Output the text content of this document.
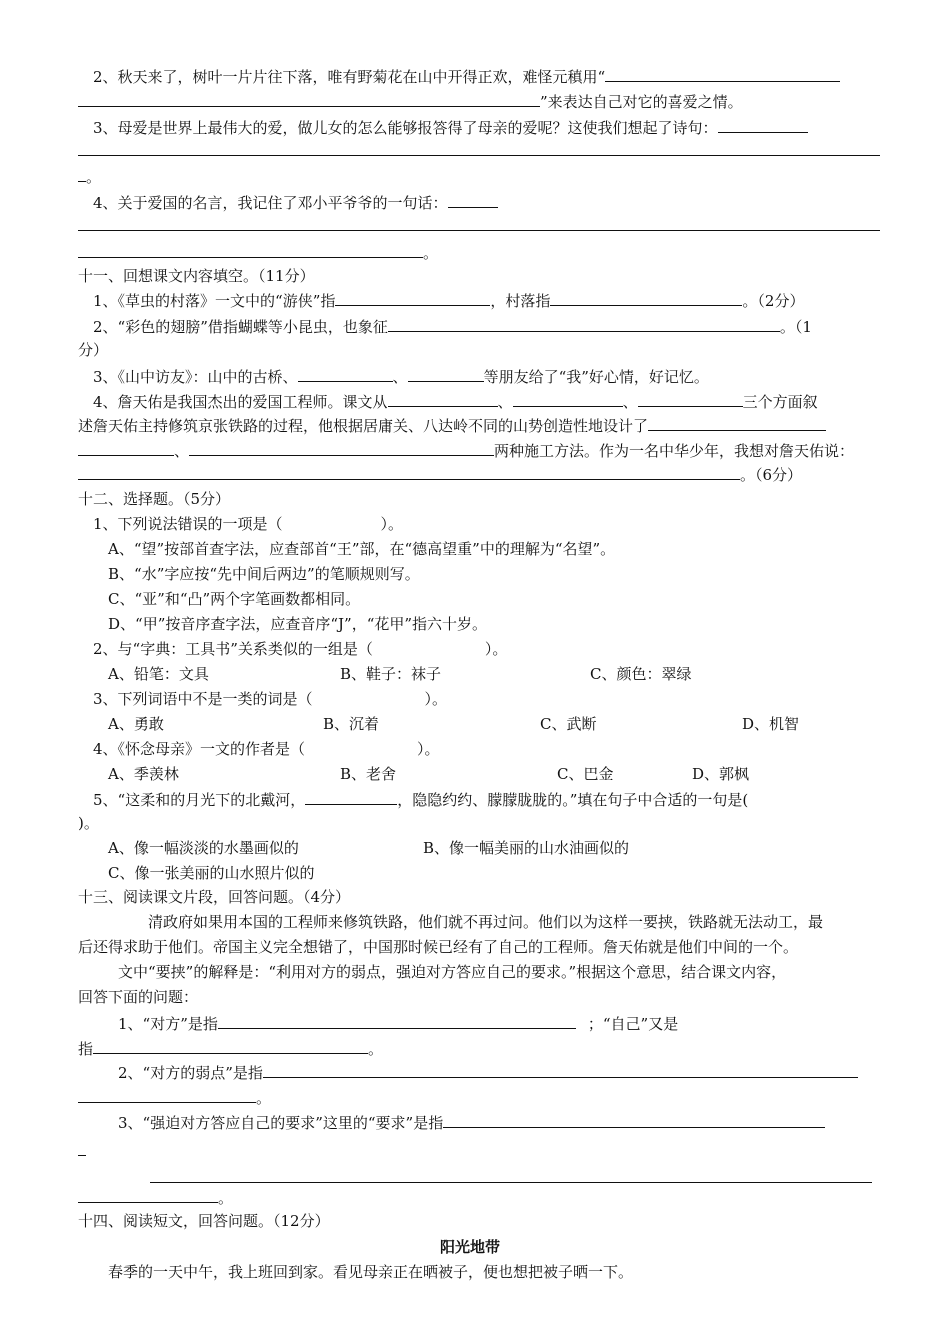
2、秋天来了，树叶一片片往下落，唯有野菊花在山中开得正欢，难怪元稹用“
”来表达自己对它的喜爱之情。
3、母爱是世界上最伟大的爱，做儿女的怎么能够报答得了母亲的爱呢？这使我们想起了诗句：
。
4、关于爱国的名言，我记住了邓小平爷爷的一句话：
。
十一、回想课文内容填空。（11分）
1、《草虫的村落》一文中的“游侠”指	，村落指	。（2分）
2、“彩色的翅膀”借指蝴蝶等小昆虫，也象征	。（1
分）
3、《山中访友》：山中的古桥、	、	等朋友给了“我”好心情，好记忆。
4、詹天佑是我国杰出的爱国工程师。课文从	、	、	三个方面叙
述詹天佑主持修筑京张铁路的过程，他根据居庸关、八达岭不同的山势创造性地设计了
、	两种施工方法。作为一名中华少年，我想对詹天佑说：
。（6分）
十二、选择题。（5分）
1、下列说法错误的一项是（	）。
A、“望”按部首查字法，应查部首“王”部，在“德高望重”中的理解为“名望”。
B、“水”字应按“先中间后两边”的笔顺规则写。
C、“亚”和“凸”两个字笔画数都相同。
D、“甲”按音序查字法，应查音序“J”，“花甲”指六十岁。
2、与“字典：工具书”关系类似的一组是（	）。
A、铅笔：文具	B、鞋子：袜子	C、颜色：翠绿
3、下列词语中不是一类的词是（	）。
A、勇敢	B、沉着	C、武断	D、机智
4、《怀念母亲》一文的作者是（	）。
A、季羡林	B、老舍	C、巴金	D、郭枫
5、“这柔和的月光下的北戴河，	，隐隐约约、朦朦胧胧的。”填在句子中合适的一句是(
)。
A、像一幅淡淡的水墨画似的	B、像一幅美丽的山水油画似的
C、像一张美丽的山水照片似的
十三、阅读课文片段，回答问题。（4分）
清政府如果用本国的工程师来修筑铁路，他们就不再过问。他们以为这样一要挟，铁路就无法动工，最
后还得求助于他们。帝国主义完全想错了，中国那时候已经有了自己的工程师。詹天佑就是他们中间的一个。
文中“要挟”的解释是：“利用对方的弱点，强迫对方答应自己的要求。”根据这个意思，结合课文内容，
回答下面的问题：
1、“对方”是指	；“自己”又是
指	。
2、“对方的弱点”是指
。
3、“强迫对方答应自己的要求”这里的“要求”是指
。
十四、阅读短文，回答问题。（12分）
阳光地带
春季的一天中午，我上班回到家。看见母亲正在晒被子，便也想把被子晒一下。
